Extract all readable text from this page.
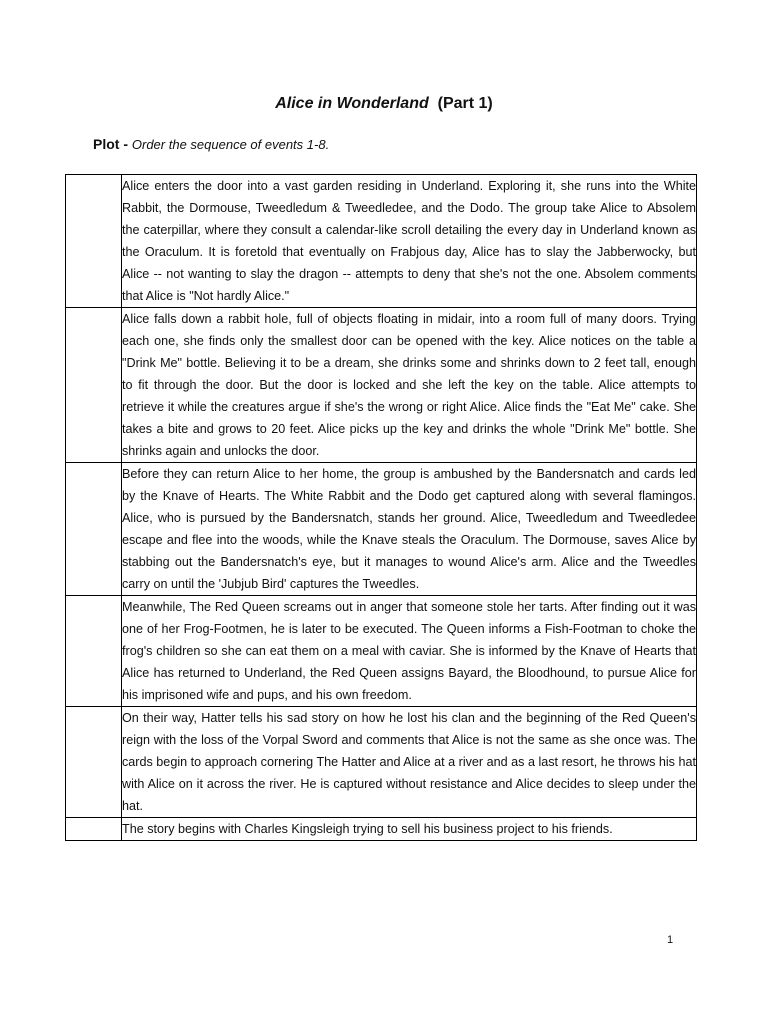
Alice in Wonderland (Part 1)
Plot - Order the sequence of events 1-8.
	Alice enters the door into a vast garden residing in Underland. Exploring it, she runs into the White Rabbit, the Dormouse, Tweedledum & Tweedledee, and the Dodo. The group take Alice to Absolem the caterpillar, where they consult a calendar-like scroll detailing the every day in Underland known as the Oraculum. It is foretold that eventually on Frabjous day, Alice has to slay the Jabberwocky, but Alice -- not wanting to slay the dragon -- attempts to deny that she's not the one. Absolem comments that Alice is "Not hardly Alice."
	Alice falls down a rabbit hole, full of objects floating in midair, into a room full of many doors. Trying each one, she finds only the smallest door can be opened with the key. Alice notices on the table a "Drink Me" bottle. Believing it to be a dream, she drinks some and shrinks down to 2 feet tall, enough to fit through the door. But the door is locked and she left the key on the table. Alice attempts to retrieve it while the creatures argue if she's the wrong or right Alice. Alice finds the "Eat Me" cake. She takes a bite and grows to 20 feet. Alice picks up the key and drinks the whole "Drink Me" bottle. She shrinks again and unlocks the door.
	Before they can return Alice to her home, the group is ambushed by the Bandersnatch and cards led by the Knave of Hearts. The White Rabbit and the Dodo get captured along with several flamingos. Alice, who is pursued by the Bandersnatch, stands her ground. Alice, Tweedledum and Tweedledee escape and flee into the woods, while the Knave steals the Oraculum. The Dormouse, saves Alice by stabbing out the Bandersnatch's eye, but it manages to wound Alice's arm. Alice and the Tweedles carry on until the 'Jubjub Bird' captures the Tweedles.
	Meanwhile, The Red Queen screams out in anger that someone stole her tarts. After finding out it was one of her Frog-Footmen, he is later to be executed. The Queen informs a Fish-Footman to choke the frog's children so she can eat them on a meal with caviar. She is informed by the Knave of Hearts that Alice has returned to Underland, the Red Queen assigns Bayard, the Bloodhound, to pursue Alice for his imprisoned wife and pups, and his own freedom.
	On their way, Hatter tells his sad story on how he lost his clan and the beginning of the Red Queen's reign with the loss of the Vorpal Sword and comments that Alice is not the same as she once was. The cards begin to approach cornering The Hatter and Alice at a river and as a last resort, he throws his hat with Alice on it across the river. He is captured without resistance and Alice decides to sleep under the hat.
	The story begins with Charles Kingsleigh trying to sell his business project to his friends.
1
